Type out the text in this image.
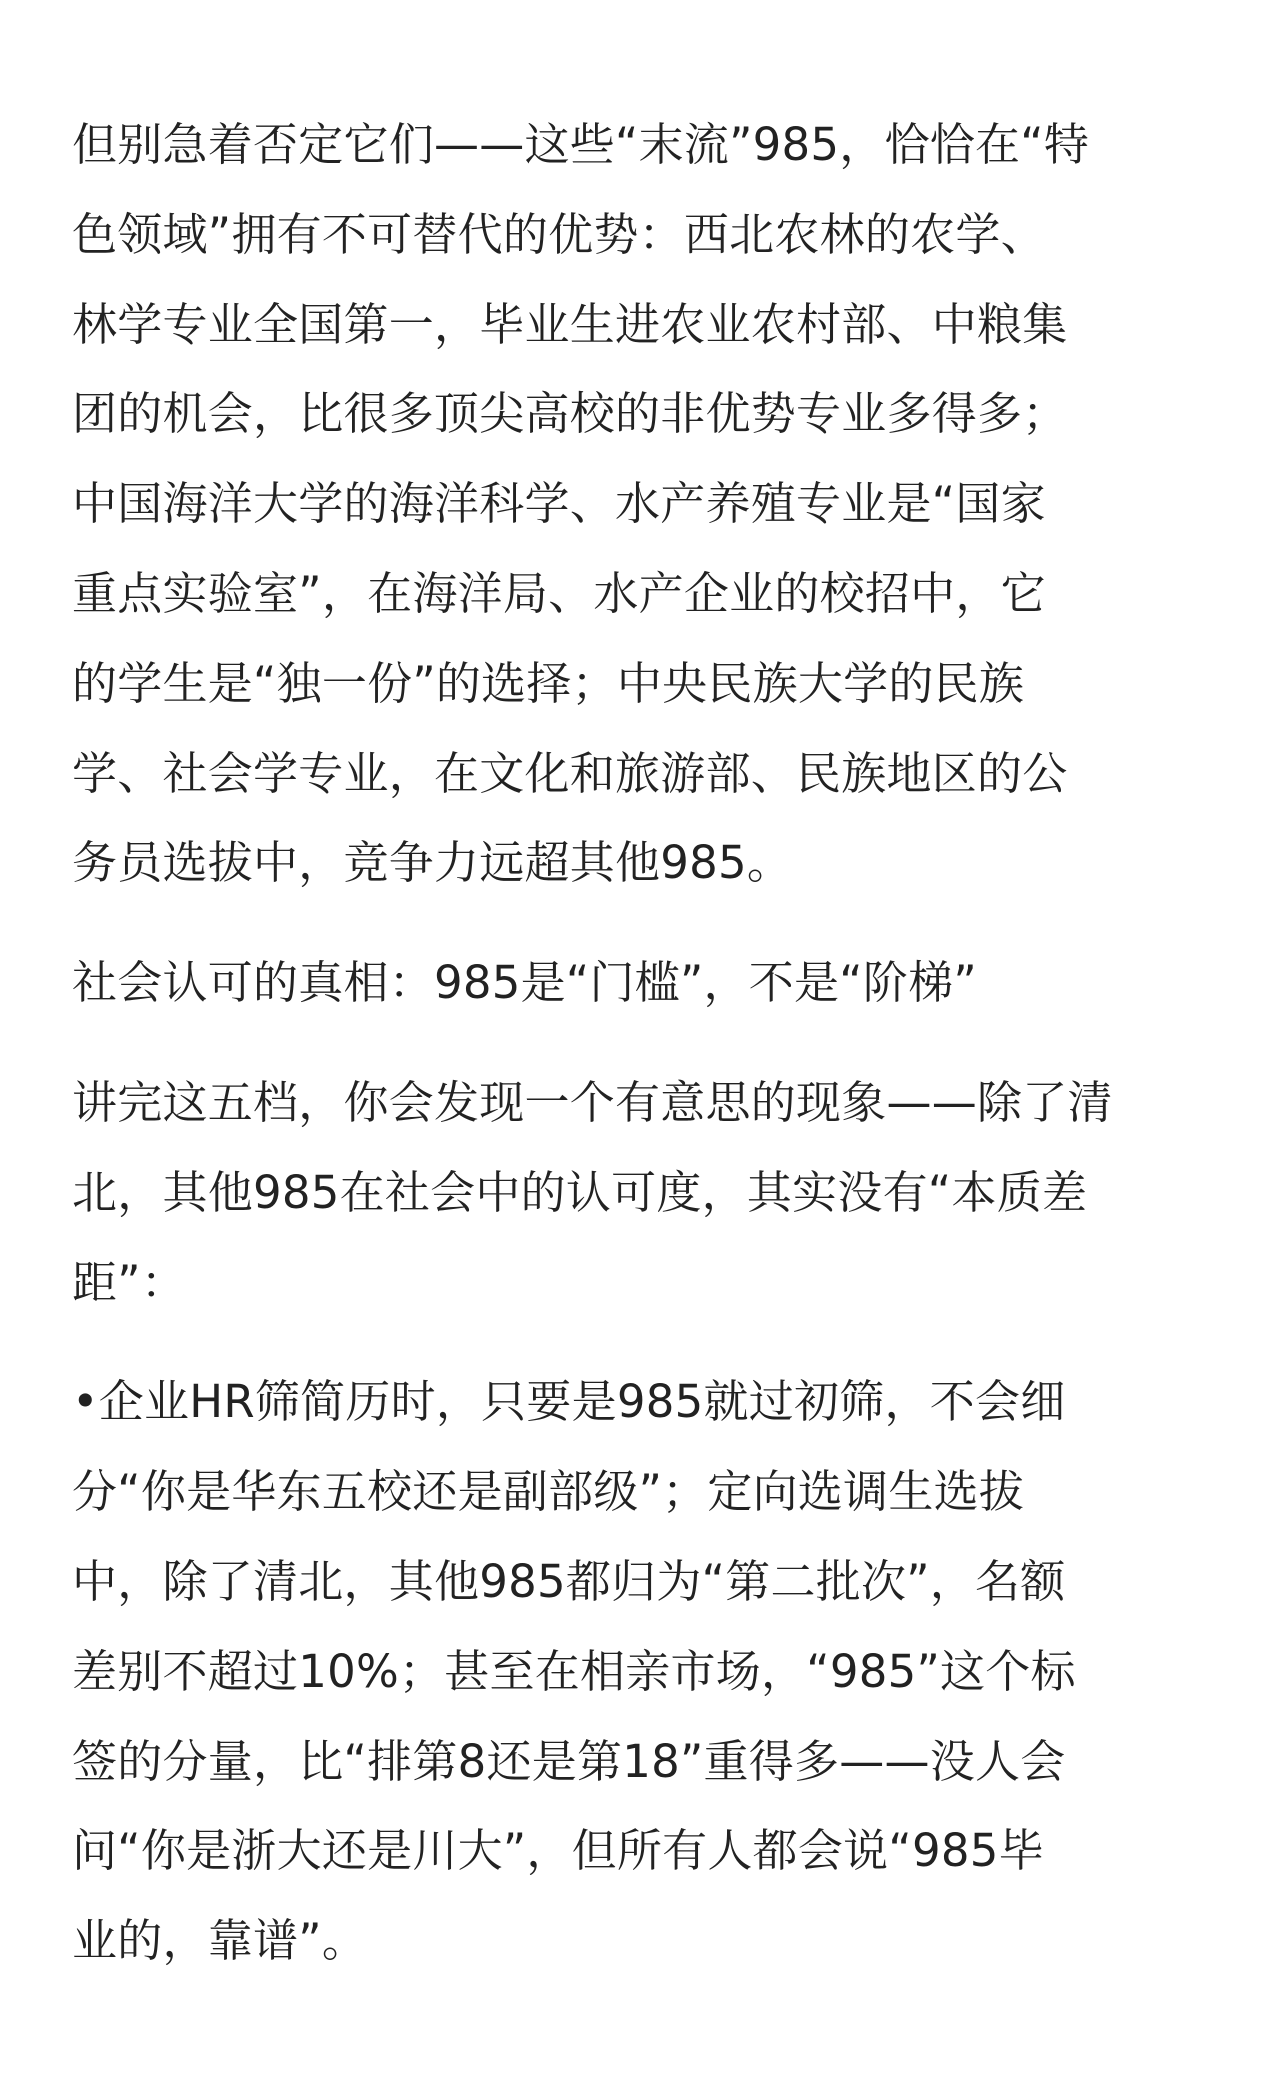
但别急着否定它们——这些“末流”985，恰恰在“特
色领域”拥有不可替代的优势：西北农林的农学、
林学专业全国第一，毕业生进农业农村部、中粮集
团的机会，比很多顶尖高校的非优势专业多得多；
中国海洋大学的海洋科学、水产养殖专业是“国家
重点实验室”，在海洋局、水产企业的校招中，它
的学生是“独一份”的选择；中央民族大学的民族
学、社会学专业，在文化和旅游部、民族地区的公
务员选拔中，竞争力远超其他985。

社会认可的真相：985是“门槛”，不是“阶梯”

讲完这五档，你会发现一个有意思的现象——除了清
北，其他985在社会中的认可度，其实没有“本质差
距”：

•企业HR筛简历时，只要是985就过初筛，不会细
分“你是华东五校还是副部级”；定向选调生选拔
中，除了清北，其他985都归为“第二批次”，名额
差别不超过10%；甚至在相亲市场，“985”这个标
签的分量，比“排第8还是第18”重得多——没人会
问“你是浙大还是川大”，但所有人都会说“985毕
业的，靠谱”。
